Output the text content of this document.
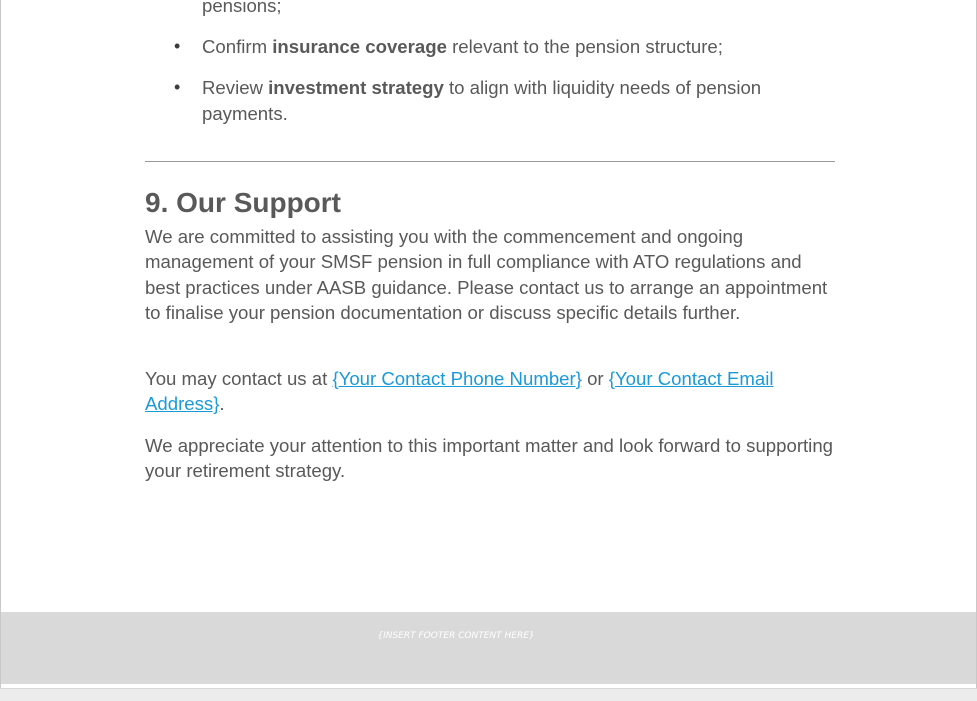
pensions;
• Confirm insurance coverage relevant to the pension structure;
• Review investment strategy to align with liquidity needs of pension payments.
9. Our Support

We are committed to assisting you with the commencement and ongoing management of your SMSF pension in full compliance with ATO regulations and best practices under AASB guidance. Please contact us to arrange an appointment to finalise your pension documentation or discuss specific details further.

You may contact us at {Your Contact Phone Number} or {Your Contact Email Address}.

We appreciate your attention to this important matter and look forward to supporting your retirement strategy.

{INSERT FOOTER CONTENT HERE}
